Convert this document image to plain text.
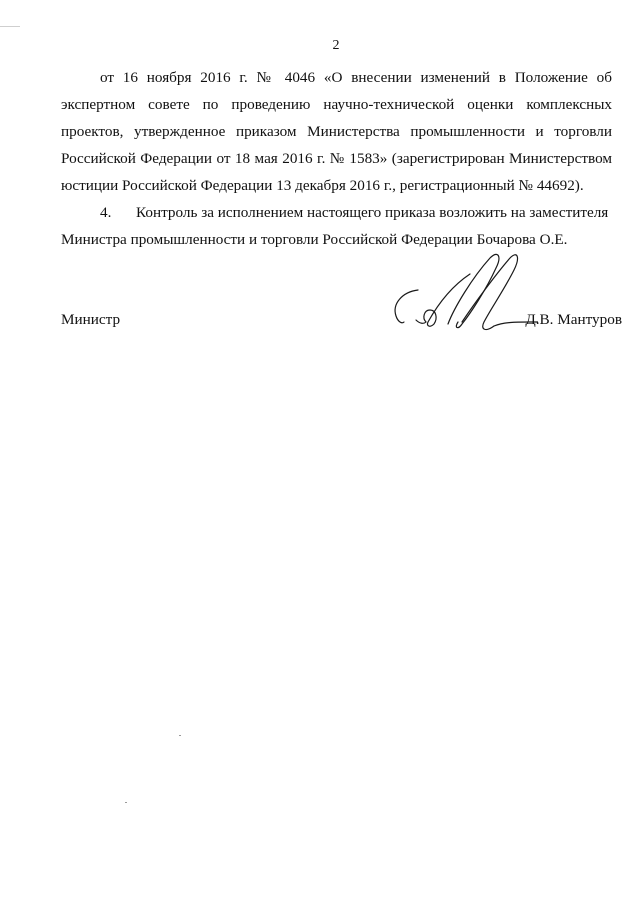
2

от 16 ноября 2016 г. № 4046 «О внесении изменений в Положение об экспертном совете по проведению научно-технической оценки комплексных проектов, утвержденное приказом Министерства промышленности и торговли Российской Федерации от 18 мая 2016 г. № 1583» (зарегистрирован Министерством юстиции Российской Федерации 13 декабря 2016 г., регистрационный № 44692).

4. Контроль за исполнением настоящего приказа возложить на заместителя
Министра промышленности и торговли Российской Федерации Бочарова О.Е.
Министр	Д.В. Мантуров
